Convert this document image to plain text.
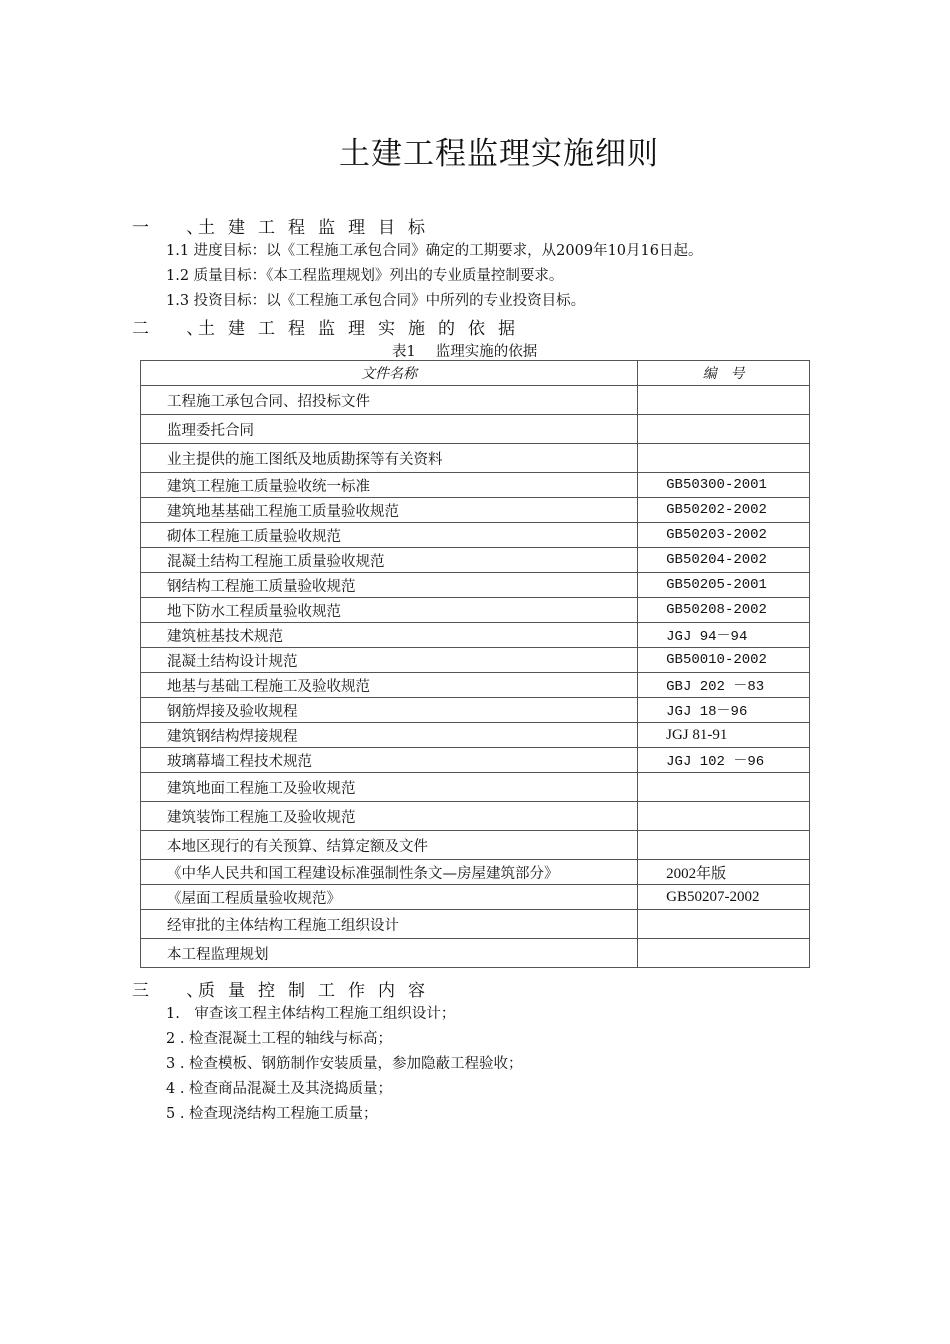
土建工程监理实施细则
一 、土建工程监理目标
1.1 进度目标：以《工程施工承包合同》确定的工期要求，从2009年10月16日起。
1.2 质量目标：《本工程监理规划》列出的专业质量控制要求。
1.3 投资目标：以《工程施工承包合同》中所列的专业投资目标。
二 、土建工程监理实施的依据
表1 监理实施的依据
文件名称	编　号
工程施工承包合同、招投标文件	
监理委托合同	
业主提供的施工图纸及地质勘探等有关资料	
建筑工程施工质量验收统一标准	GB50300-2001
建筑地基基础工程施工质量验收规范	GB50202-2002
砌体工程施工质量验收规范	GB50203-2002
混凝土结构工程施工质量验收规范	GB50204-2002
钢结构工程施工质量验收规范	GB50205-2001
地下防水工程质量验收规范	GB50208-2002
建筑桩基技术规范	JGJ 94－94
混凝土结构设计规范	GB50010-2002
地基与基础工程施工及验收规范	GBJ 202 －83
钢筋焊接及验收规程	JGJ 18－96
建筑钢结构焊接规程	JGJ 81-91
玻璃幕墙工程技术规范	JGJ 102 －96
建筑地面工程施工及验收规范	
建筑装饰工程施工及验收规范	
本地区现行的有关预算、结算定额及文件	
《中华人民共和国工程建设标准强制性条文—房屋建筑部分》	2002年版
《屋面工程质量验收规范》	GB50207-2002
经审批的主体结构工程施工组织设计	
本工程监理规划	
三 、质量控制工作内容
1.　审查该工程主体结构工程施工组织设计；
2 . 检查混凝土工程的轴线与标高；
3 . 检查模板、钢筋制作安装质量，参加隐蔽工程验收；
4 . 检查商品混凝土及其浇捣质量；
5 . 检查现浇结构工程施工质量；
